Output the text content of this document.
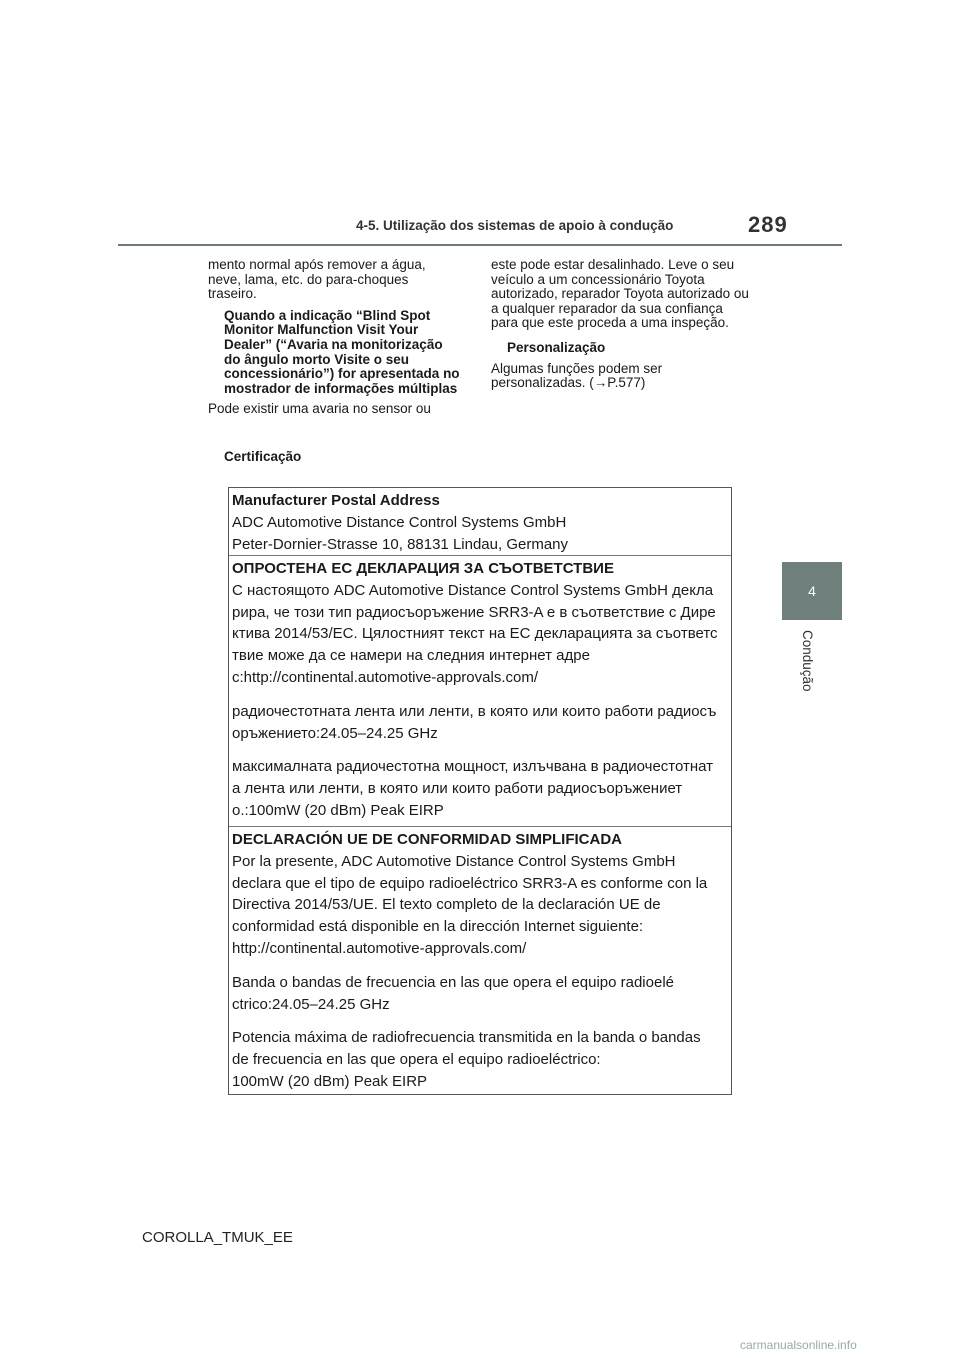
4-5. Utilização dos sistemas de apoio à condução	289
4
Condução

mento normal após remover a água, neve, lama, etc. do para-choques traseiro.

Quando a indicação “Blind Spot Monitor Malfunction Visit Your Dealer” (“Avaria na monitorização do ângulo morto Visite o seu concessionário”) for apresentada no mostrador de informações múltiplas

Pode existir uma avaria no sensor ou

este pode estar desalinhado. Leve o seu veículo a um concessionário Toyota autorizado, reparador Toyota autorizado ou a qualquer reparador da sua confiança para que este proceda a uma inspeção.

Personalização

Algumas funções podem ser personalizadas. (→P.577)

Certificação
Manufacturer Postal Address
ADC Automotive Distance Control Systems GmbH
Peter-Dornier-Strasse 10, 88131 Lindau, Germany
ОПРОСТЕНА ЕС ДЕКЛАРАЦИЯ ЗА СЪОТВЕТСТВИЕ
С настоящото ADC Automotive Distance Control Systems GmbH декла
рира, че този тип радиосъоръжение SRR3-A е в съответствие с Дире
ктива 2014/53/ЕС. Цялостният текст на ЕС декларацията за съответс
твие може да се намери на следния интернет адре
с:http://continental.automotive-approvals.com/
радиочестотната лента или ленти, в която или които работи радиосъ
оръжението:24.05–24.25 GHz
максималната радиочестотна мощност, излъчвана в радиочестотнат
а лента или ленти, в която или които работи радиосъоръжениет
о.:100mW (20 dBm) Peak EIRP
DECLARACIÓN UE DE CONFORMIDAD SIMPLIFICADA
Por la presente, ADC Automotive Distance Control Systems GmbH
declara que el tipo de equipo radioeléctrico SRR3-A es conforme con la
Directiva 2014/53/UE. El texto completo de la declaración UE de
conformidad está disponible en la dirección Internet siguiente:
http://continental.automotive-approvals.com/
Banda o bandas de frecuencia en las que opera el equipo radioelé
ctrico:24.05–24.25 GHz
Potencia máxima de radiofrecuencia transmitida en la banda o bandas
de frecuencia en las que opera el equipo radioeléctrico:
100mW (20 dBm) Peak EIRP
COROLLA_TMUK_EE
carmanualsonline.info
